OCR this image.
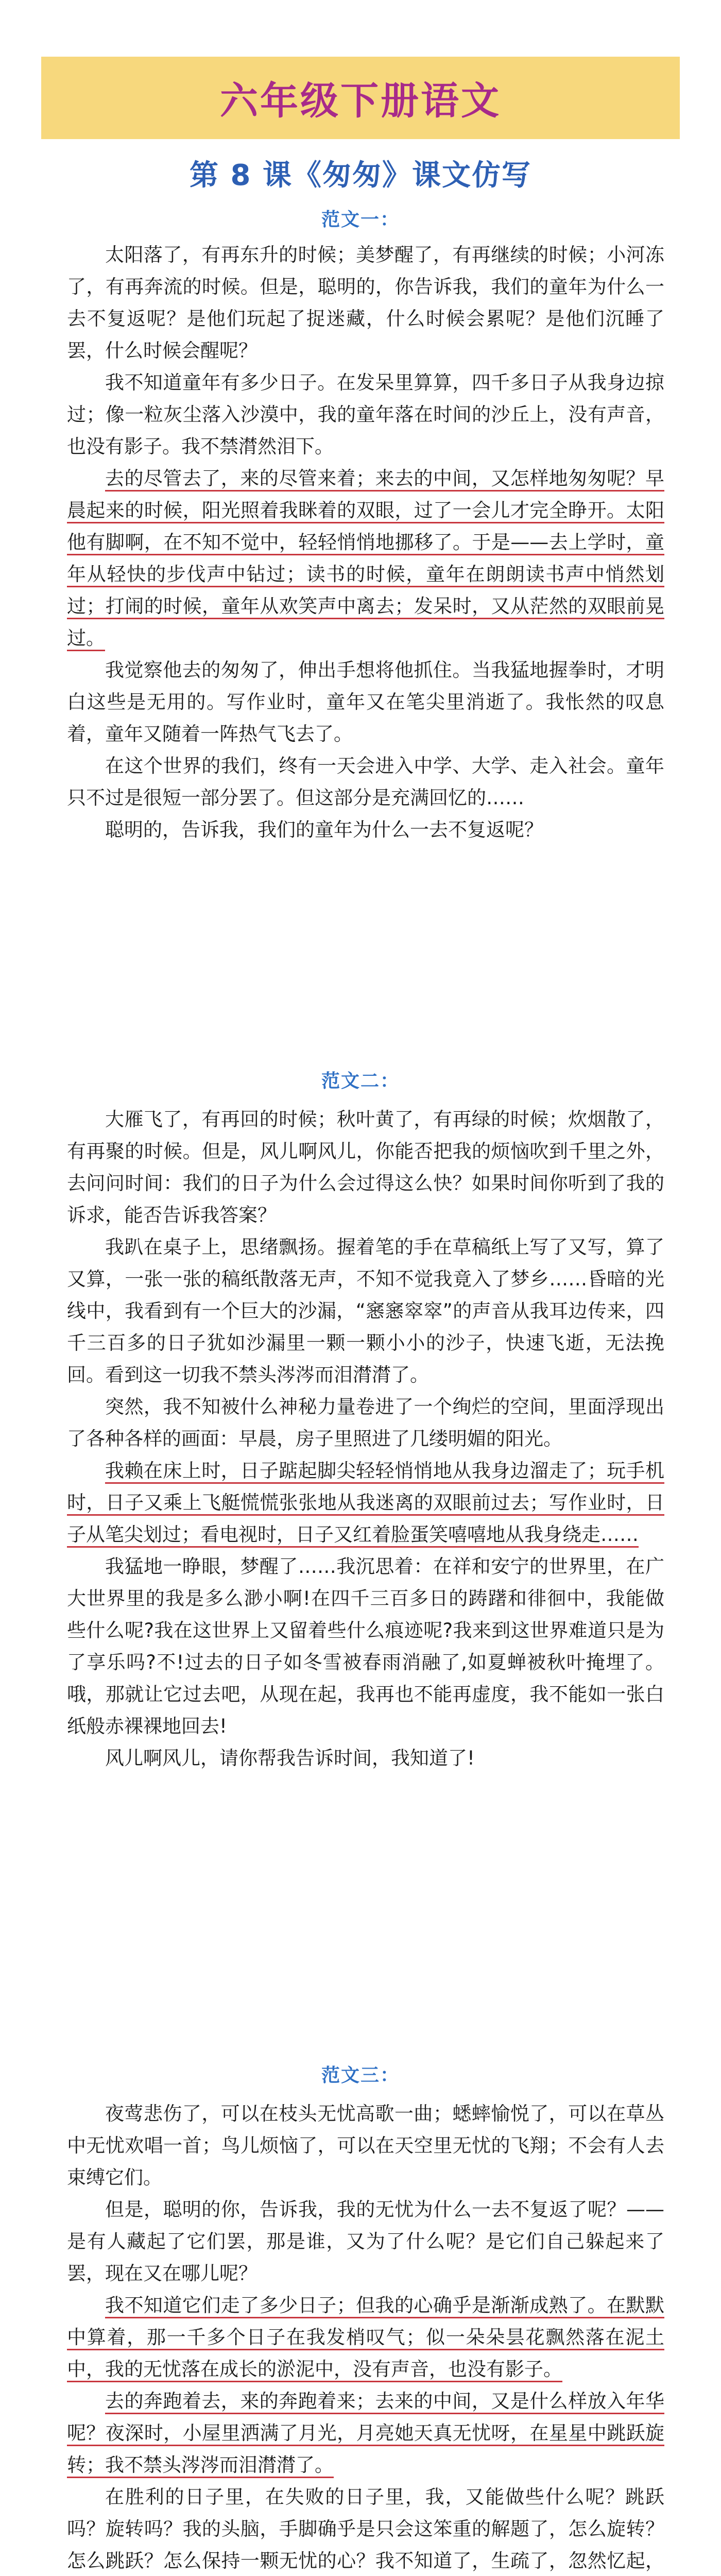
六年级下册语文
第 8 课《匆匆》课文仿写
范文一：

太阳落了，有再东升的时候；美梦醒了，有再继续的时候；小河冻了，有再奔流的时候。但是，聪明的，你告诉我，我们的童年为什么一去不复返呢？是他们玩起了捉迷藏，什么时候会累呢？是他们沉睡了罢，什么时候会醒呢？

我不知道童年有多少日子。在发呆里算算，四千多日子从我身边掠过；像一粒灰尘落入沙漠中，我的童年落在时间的沙丘上，没有声音，也没有影子。我不禁潸然泪下。

去的尽管去了，来的尽管来着；来去的中间，又怎样地匆匆呢？早晨起来的时候，阳光照着我眯着的双眼，过了一会儿才完全睁开。太阳他有脚啊，在不知不觉中，轻轻悄悄地挪移了。于是——去上学时，童年从轻快的步伐声中钻过；读书的时候，童年在朗朗读书声中悄然划过；打闹的时候，童年从欢笑声中离去；发呆时，又从茫然的双眼前晃过。

我觉察他去的匆匆了，伸出手想将他抓住。当我猛地握拳时，才明白这些是无用的。写作业时，童年又在笔尖里消逝了。我怅然的叹息着，童年又随着一阵热气飞去了。

在这个世界的我们，终有一天会进入中学、大学、走入社会。童年只不过是很短一部分罢了。但这部分是充满回忆的……

聪明的，告诉我，我们的童年为什么一去不复返呢？

范文二：

大雁飞了，有再回的时候；秋叶黄了，有再绿的时候；炊烟散了，有再聚的时候。但是，风儿啊风儿，你能否把我的烦恼吹到千里之外，去问问时间：我们的日子为什么会过得这么快？如果时间你听到了我的诉求，能否告诉我答案？

我趴在桌子上，思绪飘扬。握着笔的手在草稿纸上写了又写，算了又算，一张一张的稿纸散落无声，不知不觉我竟入了梦乡……昏暗的光线中，我看到有一个巨大的沙漏，“窸窸窣窣”的声音从我耳边传来，四千三百多的日子犹如沙漏里一颗一颗小小的沙子，快速飞逝，无法挽回。看到这一切我不禁头涔涔而泪潸潸了。

突然，我不知被什么神秘力量卷进了一个绚烂的空间，里面浮现出了各种各样的画面：早晨，房子里照进了几缕明媚的阳光。

我赖在床上时，日子踮起脚尖轻轻悄悄地从我身边溜走了；玩手机时，日子又乘上飞艇慌慌张张地从我迷离的双眼前过去；写作业时，日子从笔尖划过；看电视时，日子又红着脸蛋笑嘻嘻地从我身绕走……

我猛地一睁眼，梦醒了……我沉思着：在祥和安宁的世界里，在广大世界里的我是多么渺小啊!在四千三百多日的踌躇和徘徊中，我能做些什么呢?我在这世界上又留着些什么痕迹呢?我来到这世界难道只是为了享乐吗?不!过去的日子如冬雪被春雨消融了,如夏蝉被秋叶掩埋了。哦，那就让它过去吧，从现在起，我再也不能再虚度，我不能如一张白纸般赤裸裸地回去!

风儿啊风儿，请你帮我告诉时间，我知道了!

范文三：

夜莺悲伤了，可以在枝头无忧高歌一曲；蟋蟀愉悦了，可以在草丛中无忧欢唱一首；鸟儿烦恼了，可以在天空里无忧的飞翔；不会有人去束缚它们。

但是，聪明的你，告诉我，我的无忧为什么一去不复返了呢？——是有人藏起了它们罢，那是谁，又为了什么呢？是它们自己躲起来了罢，现在又在哪儿呢？

我不知道它们走了多少日子；但我的心确乎是渐渐成熟了。在默默中算着，那一千多个日子在我发梢叹气；似一朵朵昙花飘然落在泥土中，我的无忧落在成长的淤泥中，没有声音，也没有影子。

去的奔跑着去，来的奔跑着来；去来的中间，又是什么样放入年华呢？夜深时，小屋里洒满了月光，月亮她天真无忧呀，在星星中跳跃旋转；我不禁头涔涔而泪潸潸了。

在胜利的日子里，在失败的日子里，我，又能做些什么呢？跳跃吗？旋转吗？我的头脑，手脚确乎是只会这笨重的解题了，怎么旋转？怎么跳跃？怎么保持一颗无忧的心？我不知道了，生疏了，忽然忆起，
